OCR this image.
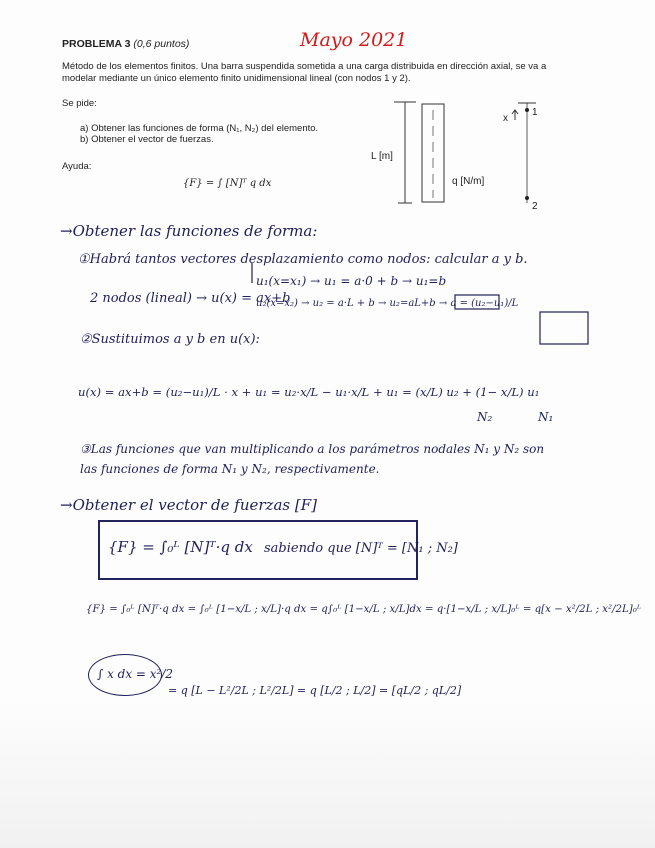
PROBLEMA 3 (0,6 puntos)	Mayo 2021
Método de los elementos finitos. Una barra suspendida sometida a una carga distribuida en dirección axial, se va a modelar mediante un único elemento finito unidimensional lineal (con nodos 1 y 2).
Se pide:
a) Obtener las funciones de forma (N₁, N₂) del elemento.
b) Obtener el vector de fuerzas.
Ayuda:
{F} = ∫ [N]ᵀ q dx
L [m]
q [N/m]
x
1
2
→Obtener las funciones de forma:
①Habrá tantos vectores desplazamiento como nodos: calcular a y b.
2 nodos (lineal) → u(x) = ax+b
u₁(x=x₁) → u₁ = a·0 + b → u₁=b
u₂(x=x₂) → u₂ = a·L + b → u₂=aL+b → a = (u₂−u₁)/L
②Sustituimos a y b en u(x):
u(x) = ax+b = (u₂−u₁)/L · x + u₁ = u₂·x/L − u₁·x/L + u₁ = (x/L) u₂ + (1− x/L) u₁
N₂	N₁
③Las funciones que van multiplicando a los parámetros nodales N₁ y N₂ son
las funciones de forma N₁ y N₂, respectivamente.
→Obtener el vector de fuerzas [F]
{F} = ∫₀ᴸ [N]ᵀ·q dx sabiendo que [N]ᵀ = [N₁ ; N₂]
{F} = ∫₀ᴸ [N]ᵀ·q dx = ∫₀ᴸ [1−x/L ; x/L]·q dx = q∫₀ᴸ [1−x/L ; x/L]dx = q·[1−x/L ; x/L]₀ᴸ = q[x − x²/2L ; x²/2L]₀ᴸ
∫ x dx = x²/2
= q [L − L²/2L ; L²/2L] = q [L/2 ; L/2] = [qL/2 ; qL/2]
